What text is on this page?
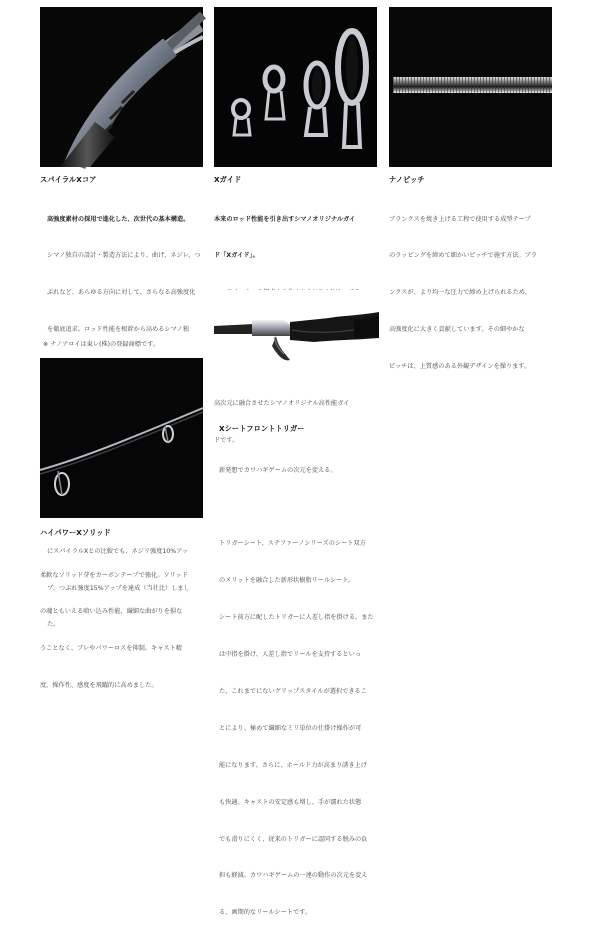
スパイラルXコア	Xガイド	ナノピッチ

高強度素材の採用で進化した、次世代の基本構造。

シマノ独自の設計・製造方法により、曲げ、ネジレ、つ

ぶれなど、あらゆる方向に対して、さらなる高強度化

を徹底追求。ロッド性能を根幹から高めるシマノ独

にスパイラルXとの比較でも、ネジリ強度10%アッ

プ、つぶれ強度15%アップを達成（当社比）しまし

た。

※ ナノアロイは東レ(株)の登録商標です。

本来のロッド性能を引き出すシマノオリジナルガイ

ド「Xガイド」。

高次元に融合させたシマノオリジナル高性能ガイ

ドです。

ブランクスを焼き上げる工程で使用する成型テープ

のラッピングを締めて細かいピッチで施す方法。ブラ

ンクスが、より均一な圧力で締め上げられるため、

高強度化に大きく貢献しています。その細やかな

ピッチは、上質感のある外観デザインを操ります。

ハイパワーXソリッド

柔軟なソリッド芽をカーボンテープで強化。ソリッド

の魂ともいえる喰い込み性能、繊細な曲がりを損な

うことなく、ブレやパワーロスを抑制。キャスト精

度、操作性、感度を飛躍的に高めました。

Xシートフロントトリガー

新発想でカワハギゲームの次元を変える。

トリガーシート、ステファーノシリーズのシート双方

のメリットを融合した新形状樹脂リールシート。

シート前方に配したトリガーに人差し指を掛ける。また

は中指を掛け、人差し指でリールを支持するといっ

た、これまでにないグリップスタイルが選択できるこ

とにより、極めて繊細なミリ単位の仕掛け操作が可

能になります。さらに、ホールド力が高まり誘き上げ

も快適。キャストの安定感も増し、手が濡れた状態

でも滑りにくく、従来のトリガーに認同する脱みの負

担も軽減。カワハギゲームの一連の動作の次元を変え

る、画期的なリールシートです。
